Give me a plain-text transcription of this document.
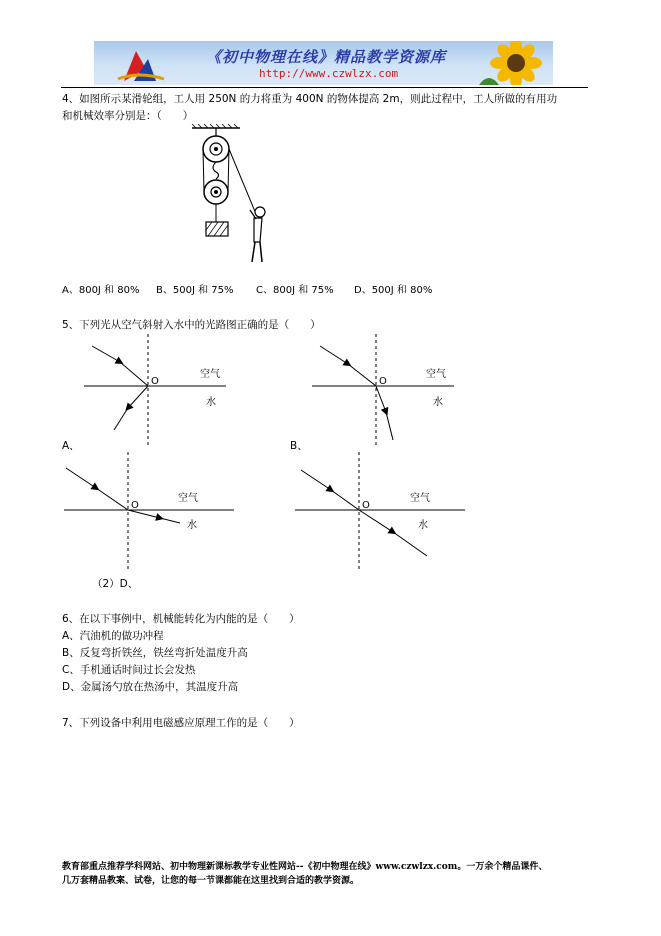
《初中物理在线》精品教学资源库
http://www.czwlzx.com
4、如图所示某滑轮组，工人用 250N 的力将重为 400N 的物体提高 2m，则此过程中，工人所做的有用功
和机械效率分别是：（　　）
A、800J 和 80% B、500J 和 75% C、800J 和 75% D、500J 和 80%
5、下列光从空气斜射入水中的光路图正确的是（　　）
O
空气
水
A、
O
空气
水
B、
O
空气
水
（2）D、
O
空气
水
6、在以下事例中，机械能转化为内能的是（　　）
A、汽油机的做功冲程
B、反复弯折铁丝，铁丝弯折处温度升高
C、手机通话时间过长会发热
D、金属汤勺放在热汤中，其温度升高
7、下列设备中利用电磁感应原理工作的是（　　）
教育部重点推荐学科网站、初中物理新课标教学专业性网站--《初中物理在线》www.czwlzx.com。一万余个精品课件、
几万套精品教案、试卷，让您的每一节课都能在这里找到合适的教学资源。
